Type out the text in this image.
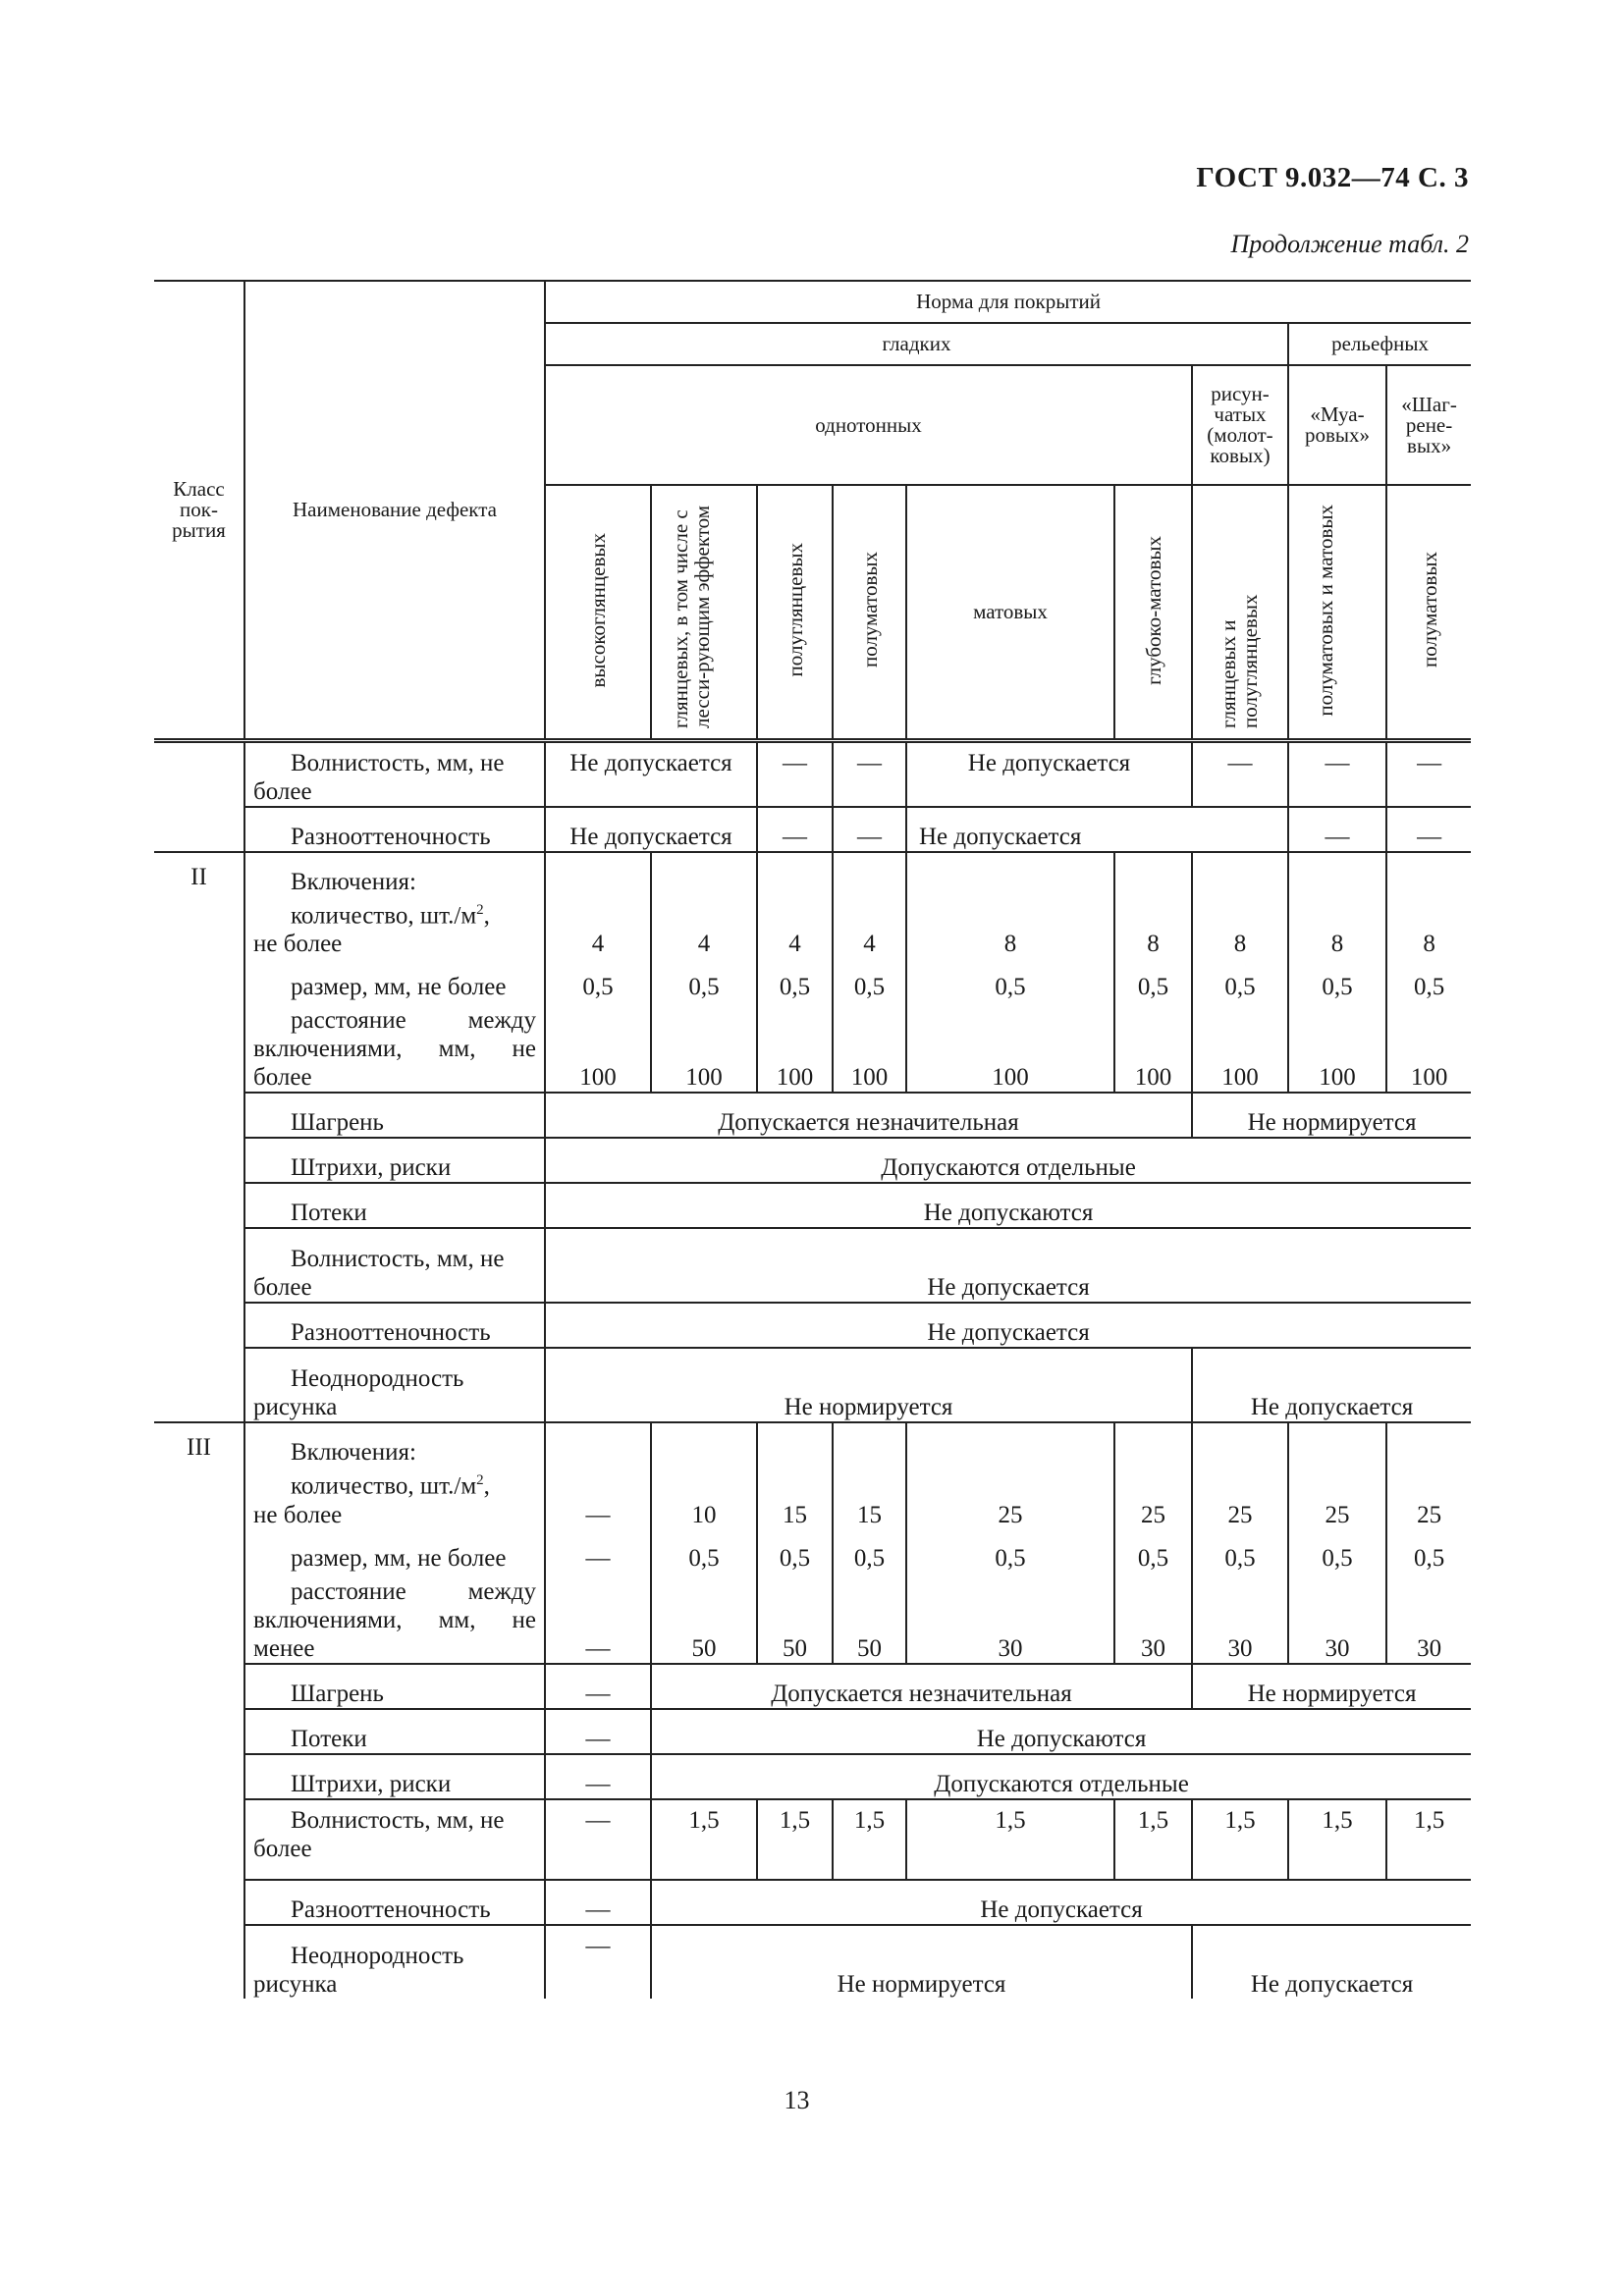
ГОСТ 9.032—74 С. 3
Продолжение табл. 2
Класс
пок-
рытия	Наименование дефекта	Норма для покрытий								
		гладких							рельефных	
		однотонных						рисун-
чатых
(молот-
ковых)	«Муа-
ровых»	«Шаг-
рене-
вых»
		высокоглянцевых	глянцевых, в том числе с лесси-рующим эффектом	полуглянцевых	полуматовых	матовых	глубоко-матовых	глянцевых и полуглянцевых	полуматовых и матовых	полуматовых
	Волнистость, мм, не
более	Не допускается		—	—	Не допускается		—	—	—
	Разнооттеночность	Не допускается		—	—	Не допускается			—	—
II	Включения:									
	количество, $шт./м^2$,
не более	4	4	4	4	8	8	8	8	8
	размер, мм, не более	0,5	0,5	0,5	0,5	0,5	0,5	0,5	0,5	0,5

	расстояние между
включениями, мм, не
более	100	100	100	100	100	100	100	100	100
	Шагрень	Допускается незначительная						Не нормируется		
	Штрихи, риски	Допускаются отдельные								
	Потеки	Не допускаются								
	Волнистость, мм, не
более	Не допускается								
	Разнооттеночность	Не допускается								
	Неоднородность
рисунка	Не нормируется						Не допускается		
III	Включения:									
	количество, $шт./м^2$,
не более	—	10	15	15	25	25	25	25	25
	размер, мм, не более	—	0,5	0,5	0,5	0,5	0,5	0,5	0,5	0,5

	расстояние между
включениями, мм, не
менее	—	50	50	50	30	30	30	30	30
	Шагрень	—	Допускается незначительная					Не нормируется		
	Потеки	—	Не допускаются							
	Штрихи, риски	—	Допускаются отдельные							
	Волнистость, мм, не
более	—	1,5	1,5	1,5	1,5	1,5	1,5	1,5	1,5
	Разнооттеночность	—	Не допускается							
	Неоднородность
рисунка	—	Не нормируется					Не допускается		
13
